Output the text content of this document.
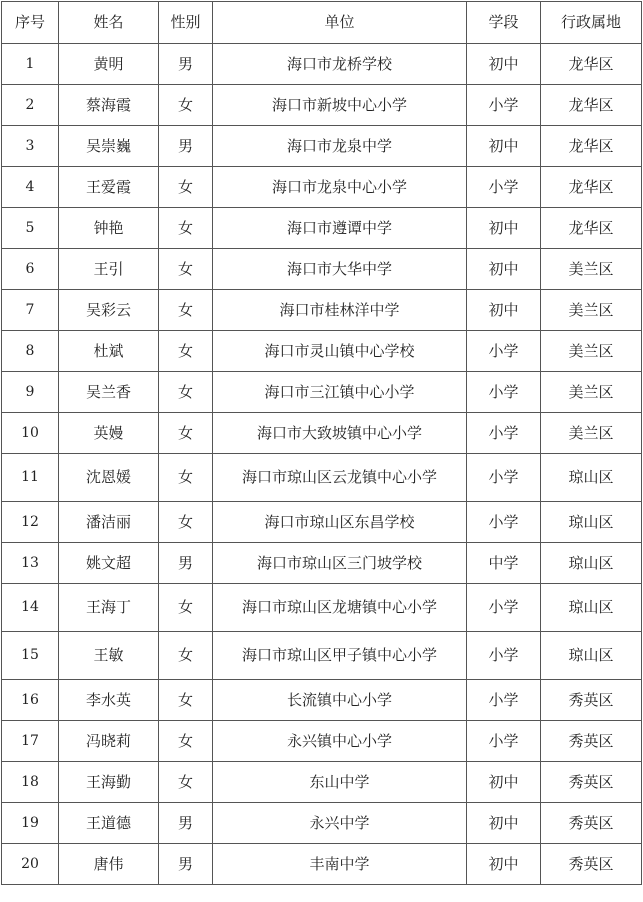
序号	姓名	性别	单位	学段	行政属地
1	黄明	男	海口市龙桥学校	初中	龙华区
2	蔡海霞	女	海口市新坡中心小学	小学	龙华区
3	吴崇巍	男	海口市龙泉中学	初中	龙华区
4	王爱霞	女	海口市龙泉中心小学	小学	龙华区
5	钟艳	女	海口市遵谭中学	初中	龙华区
6	王引	女	海口市大华中学	初中	美兰区
7	吴彩云	女	海口市桂林洋中学	初中	美兰区
8	杜斌	女	海口市灵山镇中心学校	小学	美兰区
9	吴兰香	女	海口市三江镇中心小学	小学	美兰区
10	英嫚	女	海口市大致坡镇中心小学	小学	美兰区
11	沈恩媛	女	海口市琼山区云龙镇中心小学	小学	琼山区
12	潘洁丽	女	海口市琼山区东昌学校	小学	琼山区
13	姚文超	男	海口市琼山区三门坡学校	中学	琼山区
14	王海丁	女	海口市琼山区龙塘镇中心小学	小学	琼山区
15	王敏	女	海口市琼山区甲子镇中心小学	小学	琼山区
16	李水英	女	长流镇中心小学	小学	秀英区
17	冯晓莉	女	永兴镇中心小学	小学	秀英区
18	王海勤	女	东山中学	初中	秀英区
19	王道德	男	永兴中学	初中	秀英区
20	唐伟	男	丰南中学	初中	秀英区
